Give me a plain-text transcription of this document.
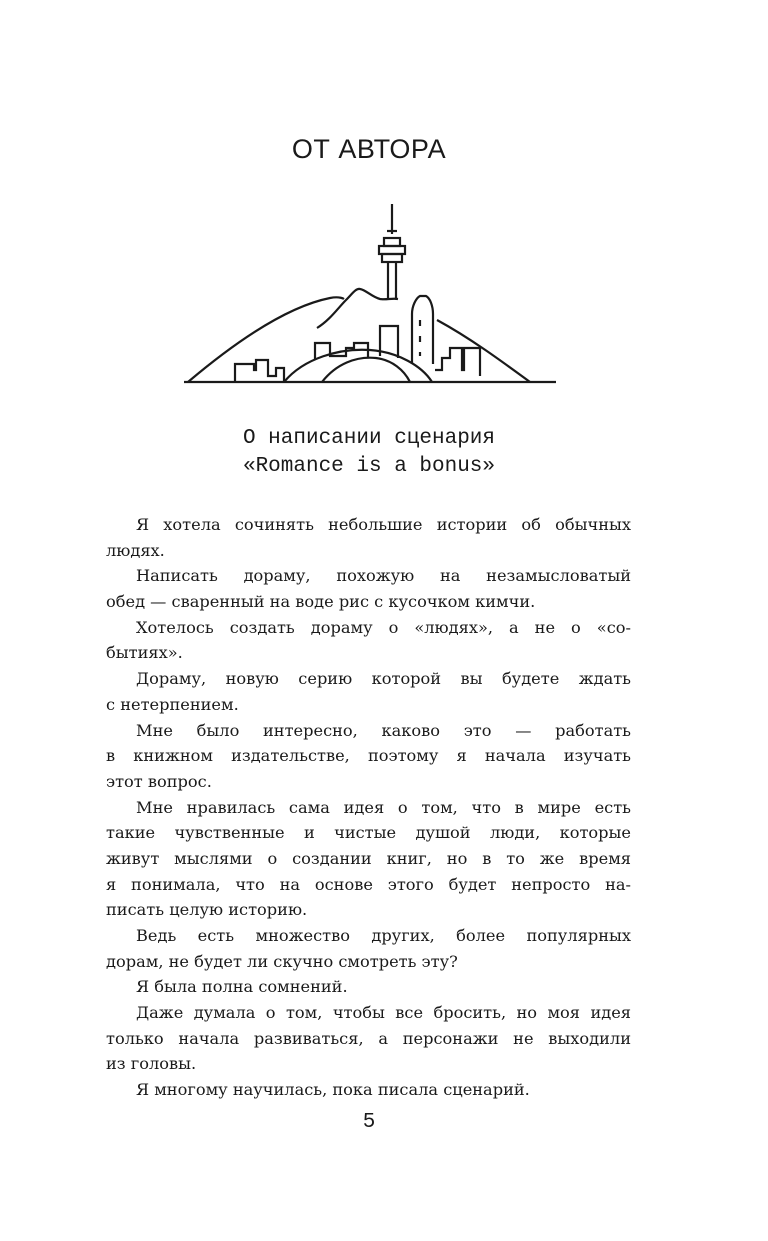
ОТ АВТОРА
О написании сценария
«Romance is a bonus»
Я хотела сочинять небольшие истории об обычных
людях.
Написать дораму, похожую на незамысловатый
обед — сваренный на воде рис с кусочком кимчи.
Хотелось создать дораму о «людях», а не о «со-
бытиях».
Дораму, новую серию которой вы будете ждать
с нетерпением.
Мне было интересно, каково это — работать
в книжном издательстве, поэтому я начала изучать
этот вопрос.
Мне нравилась сама идея о том, что в мире есть
такие чувственные и чистые душой люди, которые
живут мыслями о создании книг, но в то же время
я понимала, что на основе этого будет непросто на-
писать целую историю.
Ведь есть множество других, более популярных
дорам, не будет ли скучно смотреть эту?
Я была полна сомнений.
Даже думала о том, чтобы все бросить, но моя идея
только начала развиваться, а персонажи не выходили
из головы.
Я многому научилась, пока писала сценарий.
5
